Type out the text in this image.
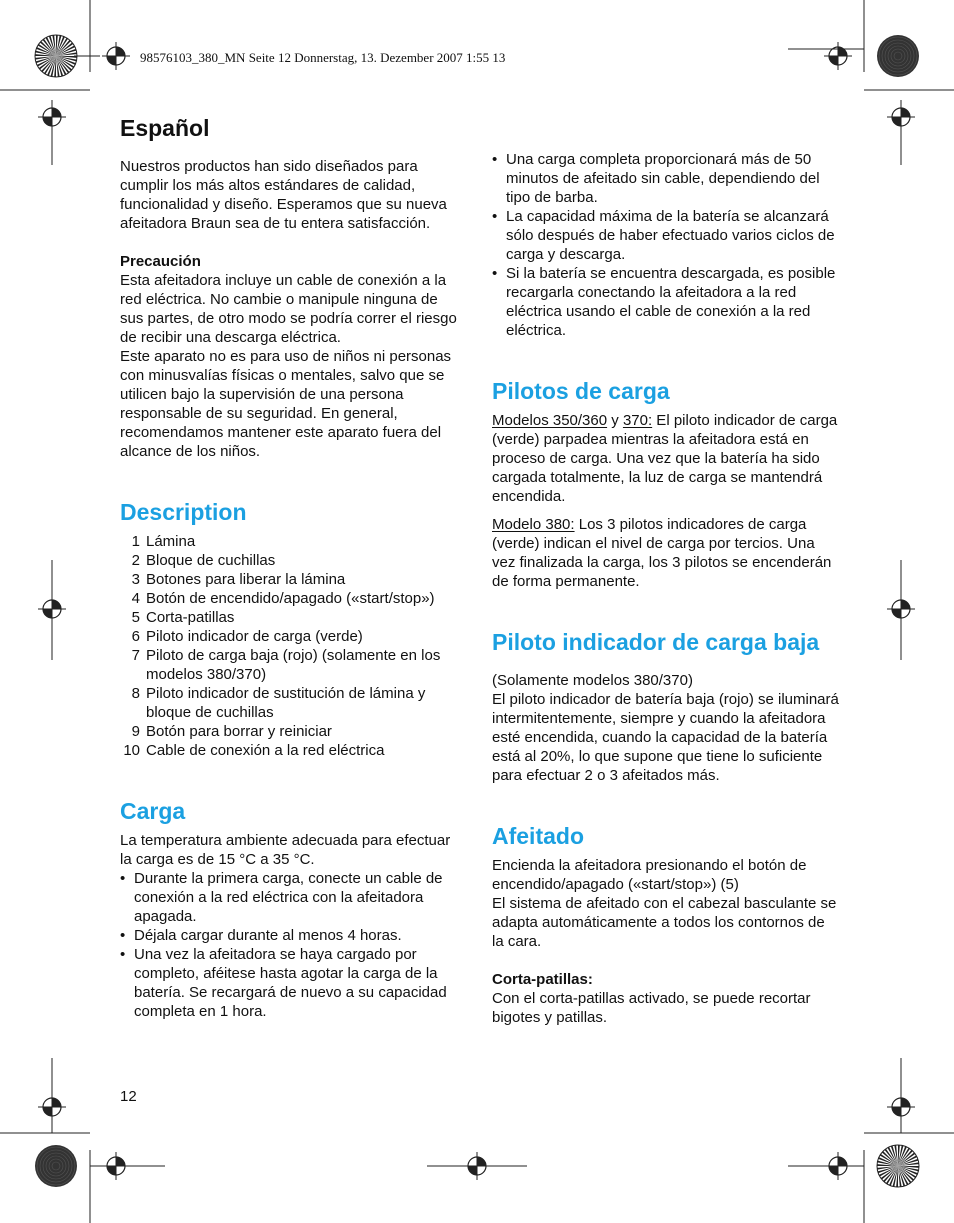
98576103_380_MN Seite 12 Donnerstag, 13. Dezember 2007 1:55 13
Español

Nuestros productos han sido diseñados para cumplir los más altos estándares de calidad, funcionalidad y diseño. Esperamos que su nueva afeitadora Braun sea de tu entera satisfacción.

Precaución

Esta afeitadora incluye un cable de conexión a la red eléctrica. No cambie o manipule ninguna de sus partes, de otro modo se podría correr el riesgo de recibir una descarga eléctrica.

Este aparato no es para uso de niños ni personas con minusvalías físicas o mentales, salvo que se utilicen bajo la supervisión de una persona responsable de su seguridad. En general, recomendamos mantener este aparato fuera del alcance de los niños.

Description
1 Lámina
2 Bloque de cuchillas
3 Botones para liberar la lámina
4 Botón de encendido/apagado («start/stop»)
5 Corta-patillas
6 Piloto indicador de carga (verde)
7 Piloto de carga baja (rojo) (solamente en los modelos 380/370)
8 Piloto indicador de sustitución de lámina y bloque de cuchillas
9 Botón para borrar y reiniciar
10 Cable de conexión a la red eléctrica
Carga

La temperatura ambiente adecuada para efectuar la carga es de 15 °C a 35 °C.

• Durante la primera carga, conecte un cable de conexión a la red eléctrica con la afeitadora apagada.
• Déjala cargar durante al menos 4 horas.
• Una vez la afeitadora se haya cargado por completo, aféitese hasta agotar la carga de la batería. Se recargará de nuevo a su capacidad completa en 1 hora.
• Una carga completa proporcionará más de 50 minutos de afeitado sin cable, dependiendo del tipo de barba.
• La capacidad máxima de la batería se alcanzará sólo después de haber efectuado varios ciclos de carga y descarga.
• Si la batería se encuentra descargada, es posible recargarla conectando la afeitadora a la red eléctrica usando el cable de conexión a la red eléctrica.
Pilotos de carga

Modelos 350/360 y 370: El piloto indicador de carga (verde) parpadea mientras la afeitadora está en proceso de carga. Una vez que la batería ha sido cargada totalmente, la luz de carga se mantendrá encendida.

Modelo 380: Los 3 pilotos indicadores de carga (verde) indican el nivel de carga por tercios. Una vez finalizada la carga, los 3 pilotos se encenderán de forma permanente.

Piloto indicador de carga baja

(Solamente modelos 380/370)

El piloto indicador de batería baja (rojo) se iluminará intermitentemente, siempre y cuando la afeitadora esté encendida, cuando la capacidad de la batería está al 20%, lo que supone que tiene lo suficiente para efectuar 2 o 3 afeitados más.

Afeitado

Encienda la afeitadora presionando el botón de encendido/apagado («start/stop») (5)

El sistema de afeitado con el cabezal basculante se adapta automáticamente a todos los contornos de la cara.

Corta-patillas:

Con el corta-patillas activado, se puede recortar bigotes y patillas.

12
